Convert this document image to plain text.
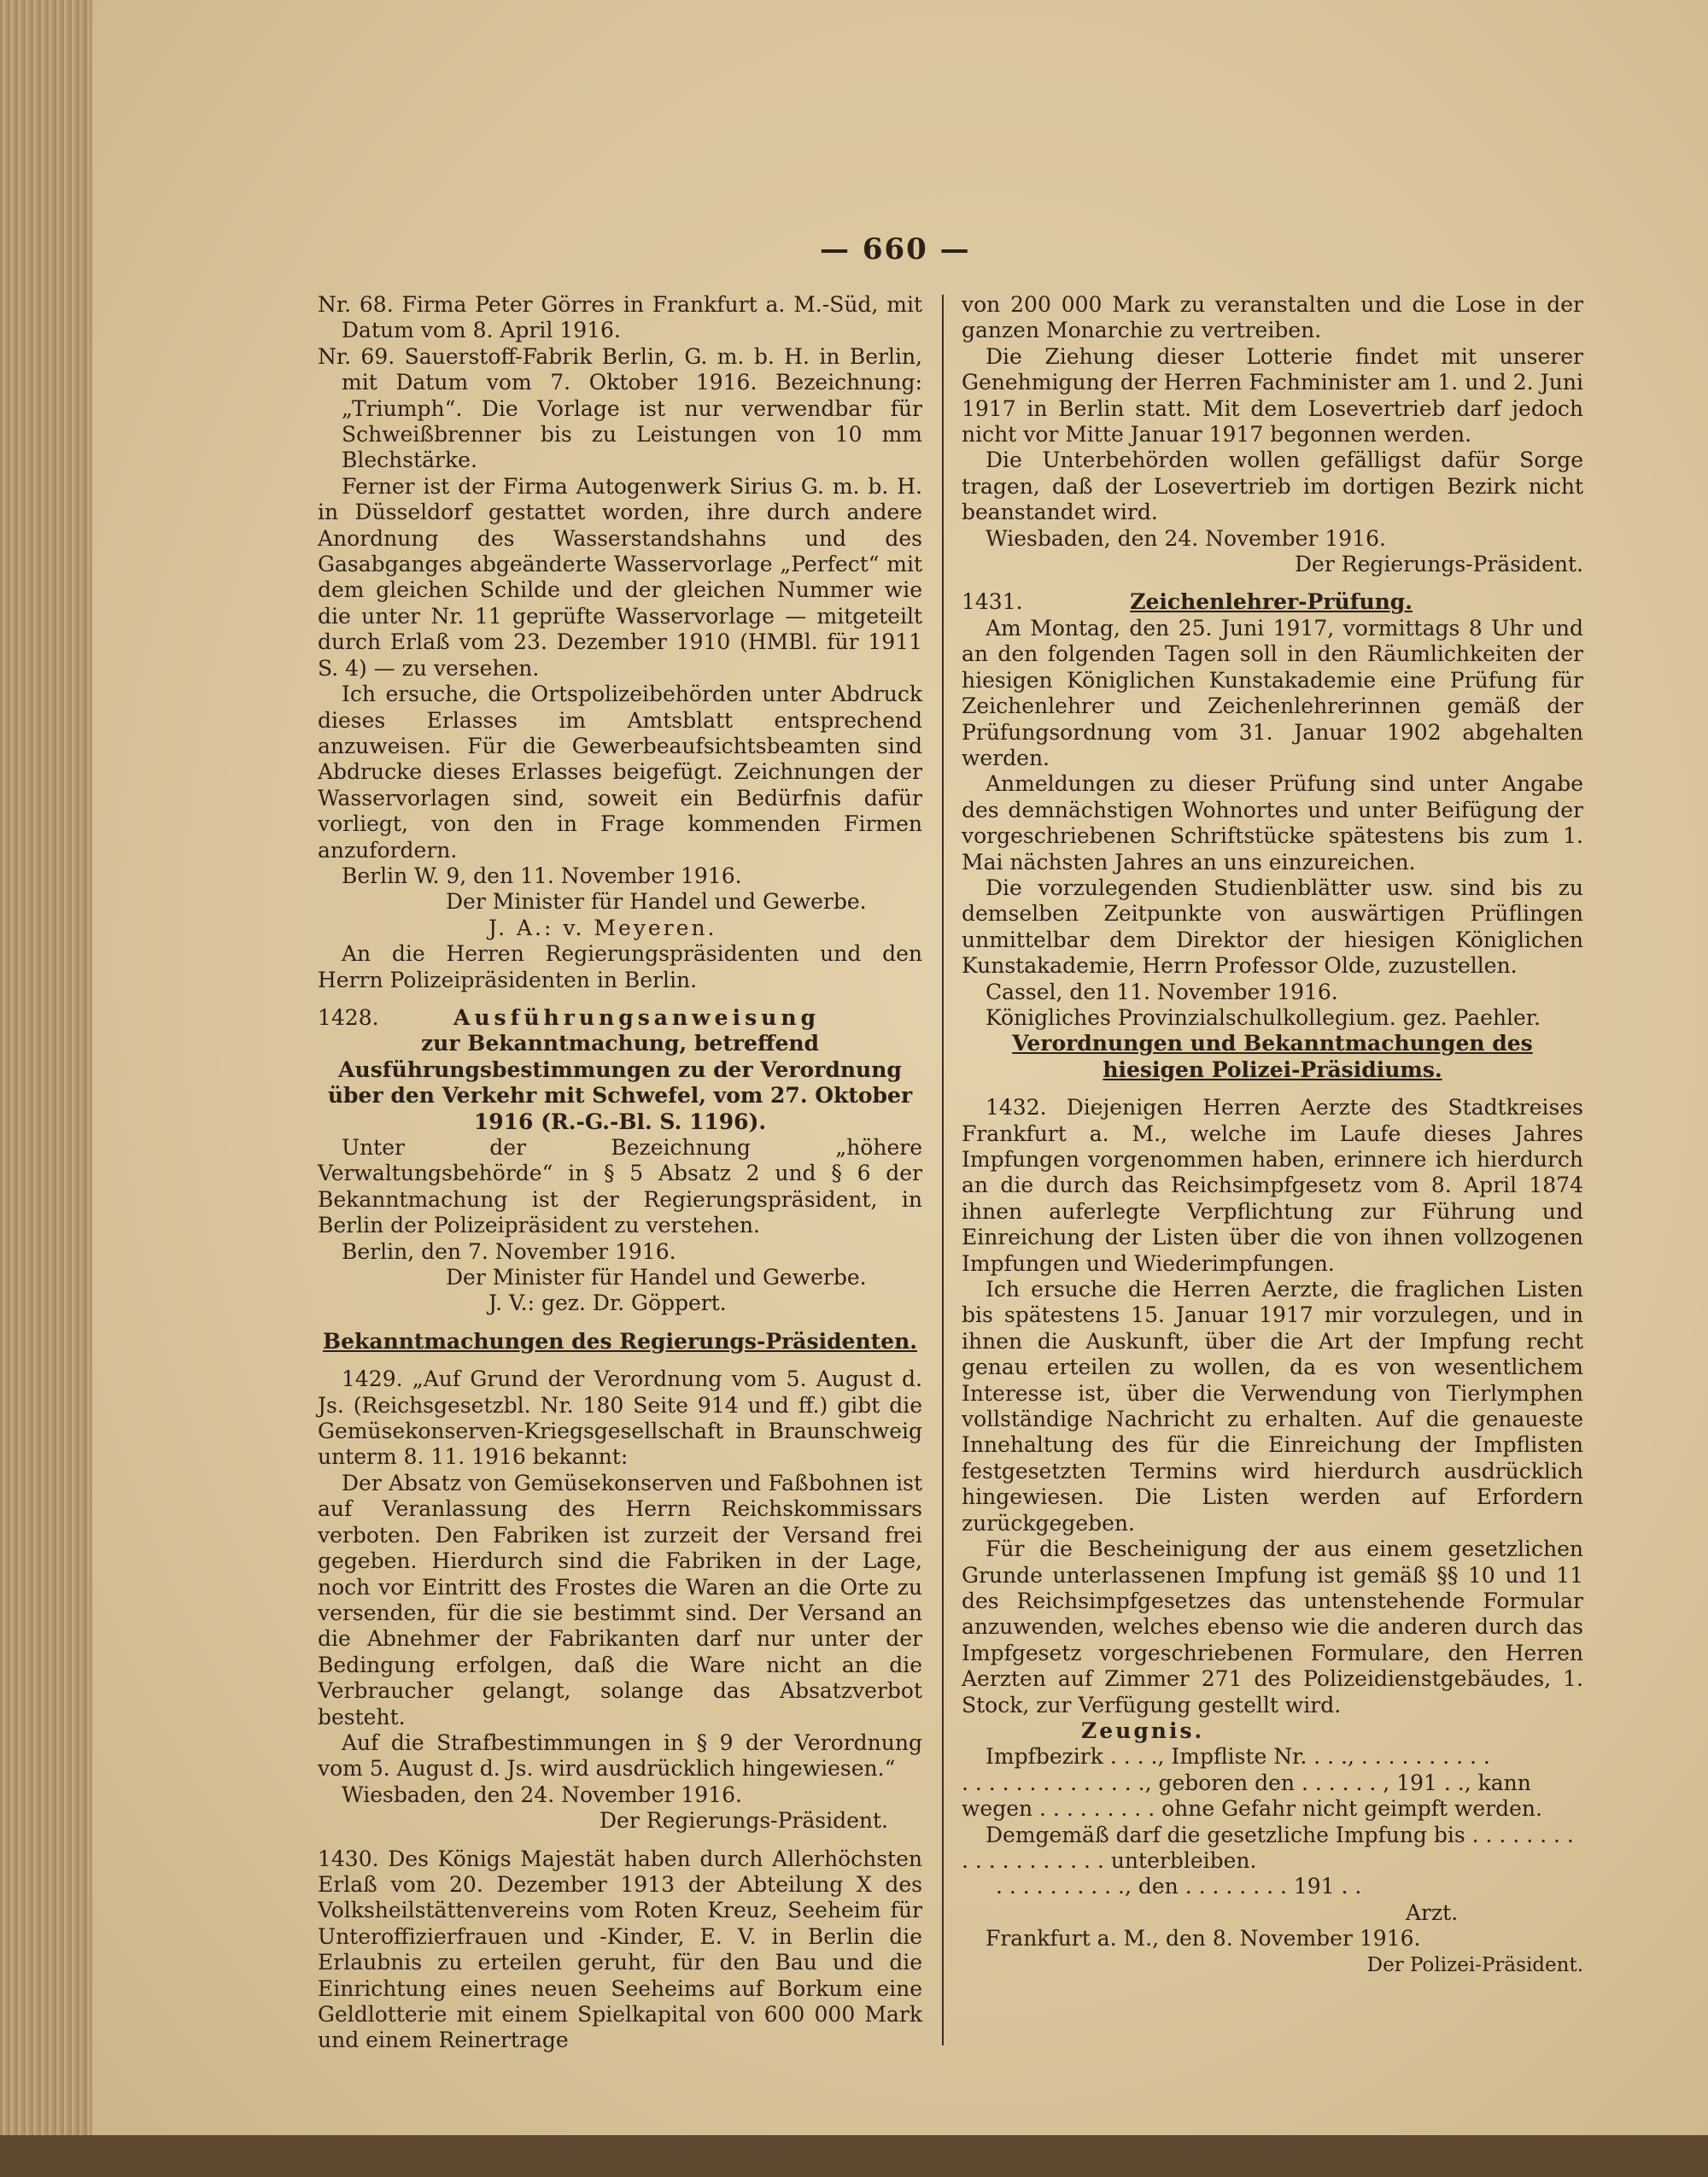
— 660 —

Nr. 68. Firma Peter Görres in Frankfurt a. M.-Süd, mit Datum vom 8. April 1916.

Nr. 69. Sauerstoff-Fabrik Berlin, G. m. b. H. in Berlin, mit Datum vom 7. Oktober 1916. Bezeichnung: „Triumph“. Die Vorlage ist nur verwendbar für Schweißbrenner bis zu Leistungen von 10 mm Blechstärke.

Ferner ist der Firma Autogenwerk Sirius G. m. b. H. in Düsseldorf gestattet worden, ihre durch andere Anordnung des Wasserstandshahns und des Gasabganges abgeänderte Wasservorlage „Perfect“ mit dem gleichen Schilde und der gleichen Nummer wie die unter Nr. 11 geprüfte Wasservorlage — mitgeteilt durch Erlaß vom 23. Dezember 1910 (HMBl. für 1911 S. 4) — zu versehen.

Ich ersuche, die Ortspolizeibehörden unter Abdruck dieses Erlasses im Amtsblatt entsprechend anzuweisen. Für die Gewerbeaufsichtsbeamten sind Abdrucke dieses Erlasses beigefügt. Zeichnungen der Wasservorlagen sind, soweit ein Bedürfnis dafür vorliegt, von den in Frage kommenden Firmen anzufordern.

Berlin W. 9, den 11. November 1916.

Der Minister für Handel und Gewerbe.

J. A.: v. Meyeren.

An die Herren Regierungspräsidenten und den Herrn Polizeipräsidenten in Berlin.

1428.	Ausführungsanweisung

zur Bekanntmachung, betreffend Ausführungsbestimmungen zu der Verordnung über den Verkehr mit Schwefel, vom 27. Oktober 1916 (R.-G.-Bl. S. 1196).

Unter der Bezeichnung „höhere Verwaltungsbehörde“ in § 5 Absatz 2 und § 6 der Bekanntmachung ist der Regierungspräsident, in Berlin der Polizeipräsident zu verstehen.

Berlin, den 7. November 1916.

Der Minister für Handel und Gewerbe.

J. V.: gez. Dr. Göppert.

Bekanntmachungen des Regierungs-Präsidenten.

1429. „Auf Grund der Verordnung vom 5. August d. Js. (Reichsgesetzbl. Nr. 180 Seite 914 und ff.) gibt die Gemüsekonserven-Kriegsgesellschaft in Braunschweig unterm 8. 11. 1916 bekannt:

Der Absatz von Gemüsekonserven und Faßbohnen ist auf Veranlassung des Herrn Reichskommissars verboten. Den Fabriken ist zurzeit der Versand frei gegeben. Hierdurch sind die Fabriken in der Lage, noch vor Eintritt des Frostes die Waren an die Orte zu versenden, für die sie bestimmt sind. Der Versand an die Abnehmer der Fabrikanten darf nur unter der Bedingung erfolgen, daß die Ware nicht an die Verbraucher gelangt, solange das Absatzverbot besteht.

Auf die Strafbestimmungen in § 9 der Verordnung vom 5. August d. Js. wird ausdrücklich hingewiesen.“

Wiesbaden, den 24. November 1916.

Der Regierungs-Präsident.

1430. Des Königs Majestät haben durch Allerhöchsten Erlaß vom 20. Dezember 1913 der Abteilung X des Volksheilstättenvereins vom Roten Kreuz, Seeheim für Unteroffizierfrauen und -Kinder, E. V. in Berlin die Erlaubnis zu erteilen geruht, für den Bau und die Einrichtung eines neuen Seeheims auf Borkum eine Geldlotterie mit einem Spielkapital von 600 000 Mark und einem Reinertrage

von 200 000 Mark zu veranstalten und die Lose in der ganzen Monarchie zu vertreiben.

Die Ziehung dieser Lotterie findet mit unserer Genehmigung der Herren Fachminister am 1. und 2. Juni 1917 in Berlin statt. Mit dem Losevertrieb darf jedoch nicht vor Mitte Januar 1917 begonnen werden.

Die Unterbehörden wollen gefälligst dafür Sorge tragen, daß der Losevertrieb im dortigen Bezirk nicht beanstandet wird.

Wiesbaden, den 24. November 1916.

Der Regierungs-Präsident.

1431.	Zeichenlehrer-Prüfung.

Am Montag, den 25. Juni 1917, vormittags 8 Uhr und an den folgenden Tagen soll in den Räumlichkeiten der hiesigen Königlichen Kunstakademie eine Prüfung für Zeichenlehrer und Zeichenlehrerinnen gemäß der Prüfungsordnung vom 31. Januar 1902 abgehalten werden.

Anmeldungen zu dieser Prüfung sind unter Angabe des demnächstigen Wohnortes und unter Beifügung der vorgeschriebenen Schriftstücke spätestens bis zum 1. Mai nächsten Jahres an uns einzureichen.

Die vorzulegenden Studienblätter usw. sind bis zu demselben Zeitpunkte von auswärtigen Prüflingen unmittelbar dem Direktor der hiesigen Königlichen Kunstakademie, Herrn Professor Olde, zuzustellen.

Cassel, den 11. November 1916.

Königliches Provinzialschulkollegium. gez. Paehler.

Verordnungen und Bekanntmachungen des hiesigen Polizei-Präsidiums.

1432. Diejenigen Herren Aerzte des Stadtkreises Frankfurt a. M., welche im Laufe dieses Jahres Impfungen vorgenommen haben, erinnere ich hierdurch an die durch das Reichsimpfgesetz vom 8. April 1874 ihnen auferlegte Verpflichtung zur Führung und Einreichung der Listen über die von ihnen vollzogenen Impfungen und Wiederimpfungen.

Ich ersuche die Herren Aerzte, die fraglichen Listen bis spätestens 15. Januar 1917 mir vorzulegen, und in ihnen die Auskunft, über die Art der Impfung recht genau erteilen zu wollen, da es von wesentlichem Interesse ist, über die Verwendung von Tierlymphen vollständige Nachricht zu erhalten. Auf die genaueste Innehaltung des für die Einreichung der Impflisten festgesetzten Termins wird hierdurch ausdrücklich hingewiesen. Die Listen werden auf Erfordern zurückgegeben.

Für die Bescheinigung der aus einem gesetzlichen Grunde unterlassenen Impfung ist gemäß §§ 10 und 11 des Reichsimpfgesetzes das untenstehende Formular anzuwenden, welches ebenso wie die anderen durch das Impfgesetz vorgeschriebenen Formulare, den Herren Aerzten auf Zimmer 271 des Polizeidienstgebäudes, 1. Stock, zur Verfügung gestellt wird.

Zeugnis.

Impfbezirk . . . ., Impfliste Nr. . . ., . . . . . . . . . .

. . . . . . . . . . . . . ., geboren den . . . . . . , 191 . ., kann

wegen . . . . . . . . . ohne Gefahr nicht geimpft werden.

Demgemäß darf die gesetzliche Impfung bis . . . . . . . .

. . . . . . . . . . . unterbleiben.

. . . . . . . . . ., den . . . . . . . . 191 . .

Arzt.

Frankfurt a. M., den 8. November 1916.

Der Polizei-Präsident.
